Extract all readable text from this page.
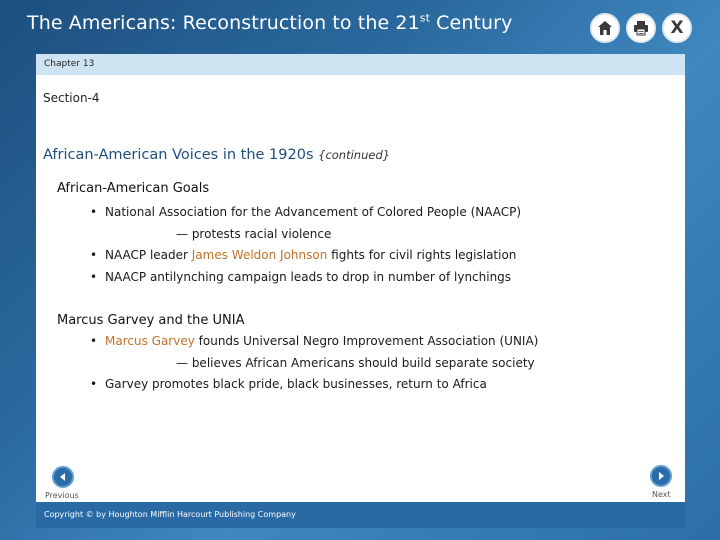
The Americans: Reconstruction to the 21st Century	X
Chapter 13
Section-4
African-American Voices in the 1920s {continued}
African-American Goals
• National Association for the Advancement of Colored People (NAACP)
— protests racial violence
• NAACP leader James Weldon Johnson fights for civil rights legislation
• NAACP antilynching campaign leads to drop in number of lynchings
Marcus Garvey and the UNIA
• Marcus Garvey founds Universal Negro Improvement Association (UNIA)
— believes African Americans should build separate society
• Garvey promotes black pride, black businesses, return to Africa
Previous	Next
Copyright © by Houghton Mifflin Harcourt Publishing Company
